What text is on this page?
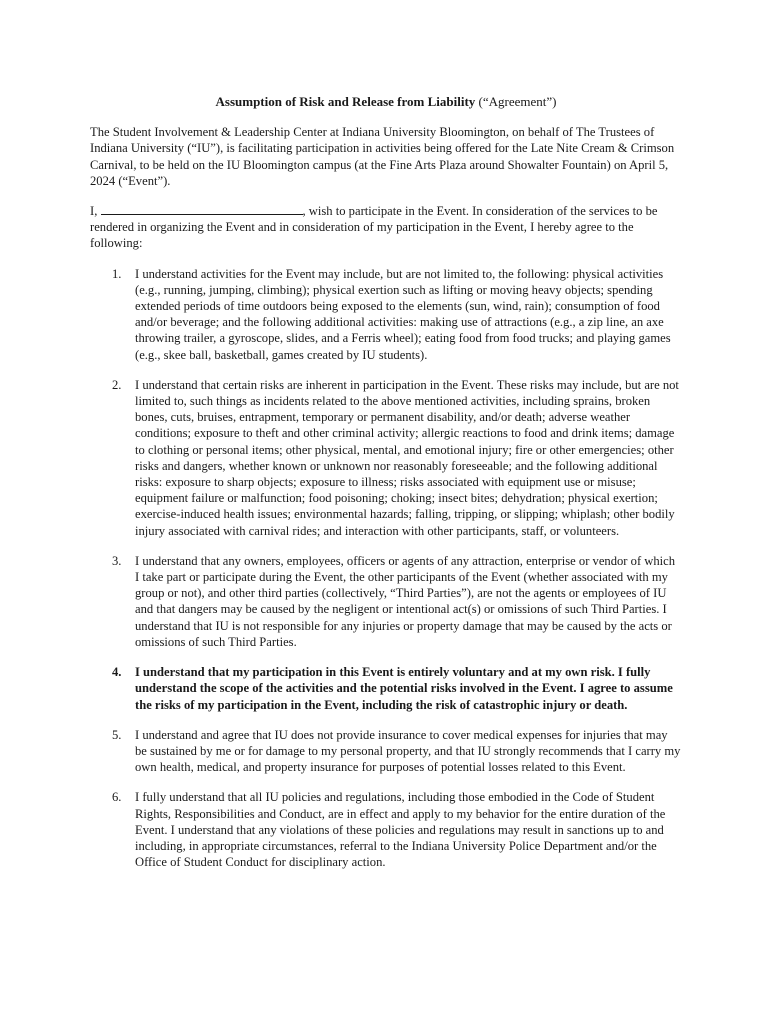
Assumption of Risk and Release from Liability (“Agreement”)

The Student Involvement & Leadership Center at Indiana University Bloomington, on behalf of The Trustees of Indiana University (“IU”), is facilitating participation in activities being offered for the Late Nite Cream & Crimson Carnival, to be held on the IU Bloomington campus (at the Fine Arts Plaza around Showalter Fountain) on April 5, 2024 (“Event”).

I,	, wish to participate in the Event. In consideration of the services to be rendered in organizing the Event and in consideration of my participation in the Event, I hereby agree to the following:

1. I understand activities for the Event may include, but are not limited to, the following: physical activities (e.g., running, jumping, climbing); physical exertion such as lifting or moving heavy objects; spending extended periods of time outdoors being exposed to the elements (sun, wind, rain); consumption of food and/or beverage; and the following additional activities: making use of attractions (e.g., a zip line, an axe throwing trailer, a gyroscope, slides, and a Ferris wheel); eating food from food trucks; and playing games (e.g., skee ball, basketball, games created by IU students).
2. I understand that certain risks are inherent in participation in the Event. These risks may include, but are not limited to, such things as incidents related to the above mentioned activities, including sprains, broken bones, cuts, bruises, entrapment, temporary or permanent disability, and/or death; adverse weather conditions; exposure to theft and other criminal activity; allergic reactions to food and drink items; damage to clothing or personal items; other physical, mental, and emotional injury; fire or other emergencies; other risks and dangers, whether known or unknown nor reasonably foreseeable; and the following additional risks: exposure to sharp objects; exposure to illness; risks associated with equipment use or misuse; equipment failure or malfunction; food poisoning; choking; insect bites; dehydration; physical exertion; exercise-induced health issues; environmental hazards; falling, tripping, or slipping; whiplash; other bodily injury associated with carnival rides; and interaction with other participants, staff, or volunteers.
3. I understand that any owners, employees, officers or agents of any attraction, enterprise or vendor of which I take part or participate during the Event, the other participants of the Event (whether associated with my group or not), and other third parties (collectively, “Third Parties”), are not the agents or employees of IU and that dangers may be caused by the negligent or intentional act(s) or omissions of such Third Parties. I understand that IU is not responsible for any injuries or property damage that may be caused by the acts or omissions of such Third Parties.
4. I understand that my participation in this Event is entirely voluntary and at my own risk. I fully understand the scope of the activities and the potential risks involved in the Event. I agree to assume the risks of my participation in the Event, including the risk of catastrophic injury or death.
5. I understand and agree that IU does not provide insurance to cover medical expenses for injuries that may be sustained by me or for damage to my personal property, and that IU strongly recommends that I carry my own health, medical, and property insurance for purposes of potential losses related to this Event.
6. I fully understand that all IU policies and regulations, including those embodied in the Code of Student Rights, Responsibilities and Conduct, are in effect and apply to my behavior for the entire duration of the Event. I understand that any violations of these policies and regulations may result in sanctions up to and including, in appropriate circumstances, referral to the Indiana University Police Department and/or the Office of Student Conduct for disciplinary action.
